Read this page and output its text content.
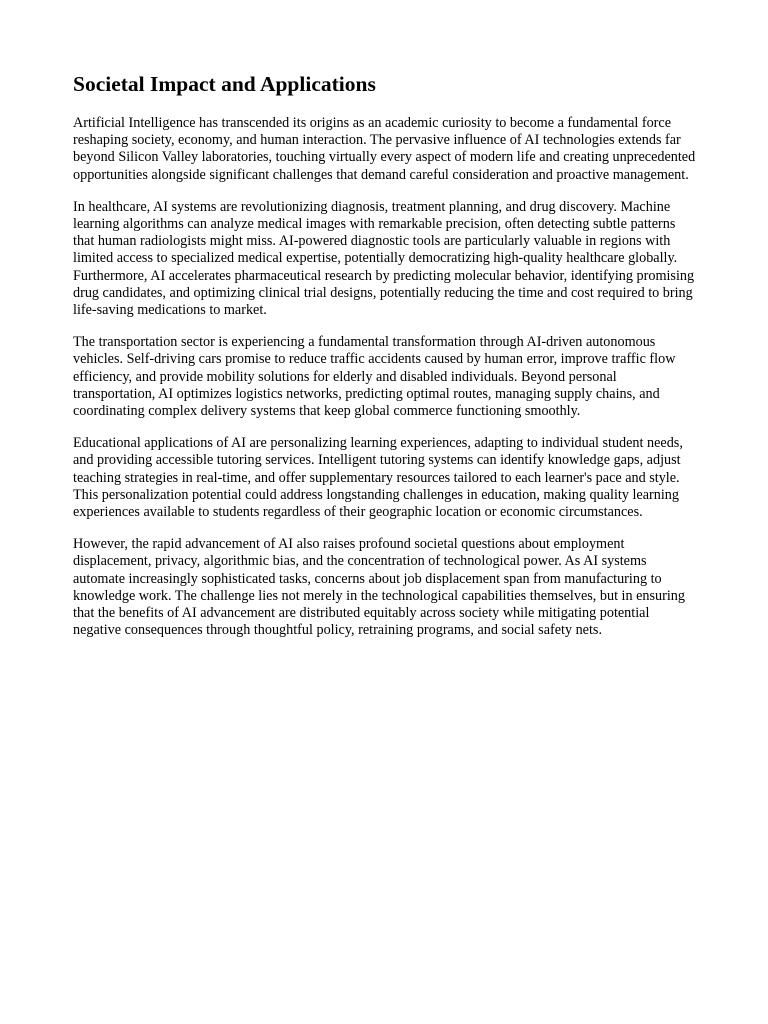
Societal Impact and Applications

Artificial Intelligence has transcended its origins as an academic curiosity to become a fundamental force reshaping society, economy, and human interaction. The pervasive influence of AI technologies extends far beyond Silicon Valley laboratories, touching virtually every aspect of modern life and creating unprecedented opportunities alongside significant challenges that demand careful consideration and proactive management.

In healthcare, AI systems are revolutionizing diagnosis, treatment planning, and drug discovery. Machine learning algorithms can analyze medical images with remarkable precision, often detecting subtle patterns that human radiologists might miss. AI-powered diagnostic tools are particularly valuable in regions with limited access to specialized medical expertise, potentially democratizing high-quality healthcare globally. Furthermore, AI accelerates pharmaceutical research by predicting molecular behavior, identifying promising drug candidates, and optimizing clinical trial designs, potentially reducing the time and cost required to bring life-saving medications to market.

The transportation sector is experiencing a fundamental transformation through AI-driven autonomous vehicles. Self-driving cars promise to reduce traffic accidents caused by human error, improve traffic flow efficiency, and provide mobility solutions for elderly and disabled individuals. Beyond personal transportation, AI optimizes logistics networks, predicting optimal routes, managing supply chains, and coordinating complex delivery systems that keep global commerce functioning smoothly.

Educational applications of AI are personalizing learning experiences, adapting to individual student needs, and providing accessible tutoring services. Intelligent tutoring systems can identify knowledge gaps, adjust teaching strategies in real-time, and offer supplementary resources tailored to each learner's pace and style. This personalization potential could address longstanding challenges in education, making quality learning experiences available to students regardless of their geographic location or economic circumstances.

However, the rapid advancement of AI also raises profound societal questions about employment displacement, privacy, algorithmic bias, and the concentration of technological power. As AI systems automate increasingly sophisticated tasks, concerns about job displacement span from manufacturing to knowledge work. The challenge lies not merely in the technological capabilities themselves, but in ensuring that the benefits of AI advancement are distributed equitably across society while mitigating potential negative consequences through thoughtful policy, retraining programs, and social safety nets.
